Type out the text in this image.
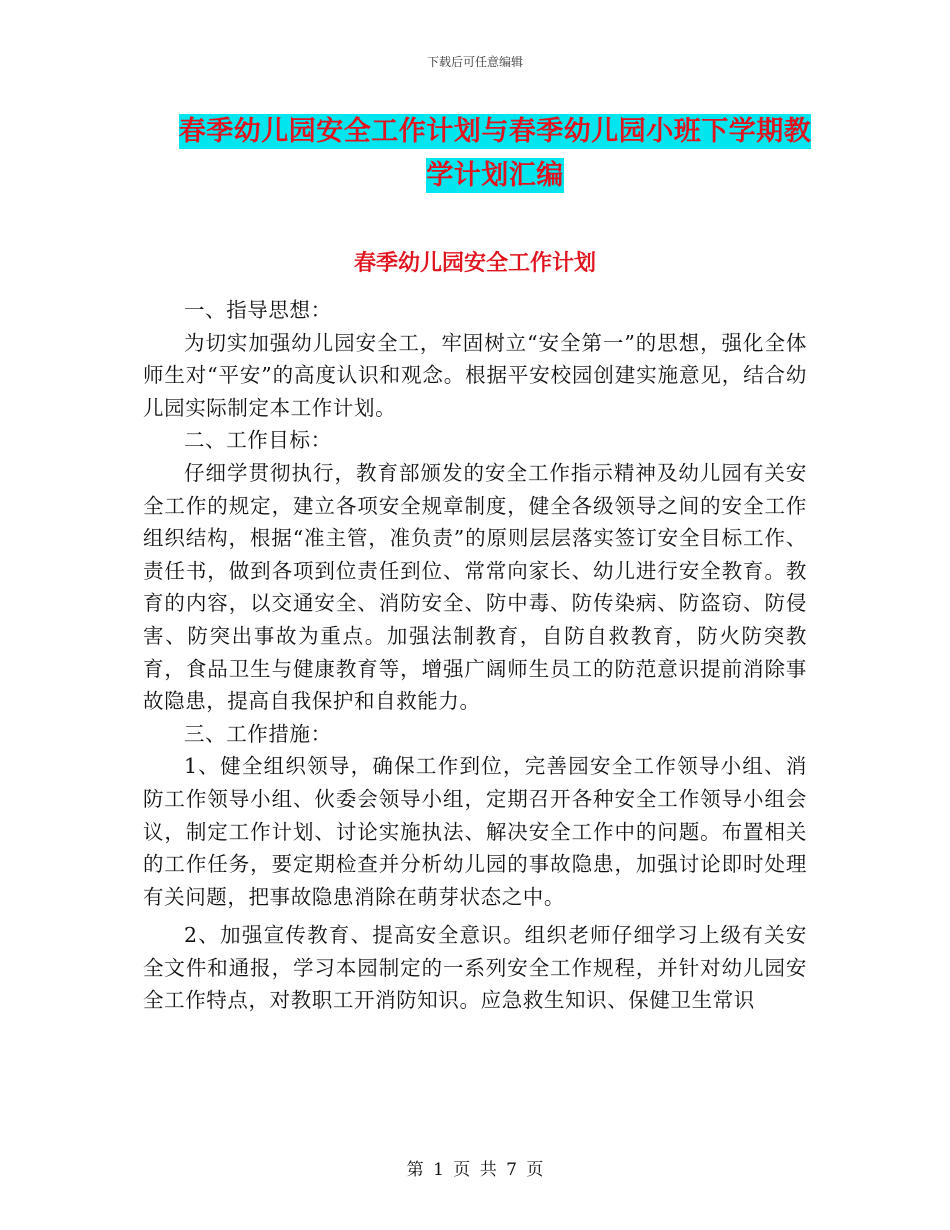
下载后可任意编辑
春季幼儿园安全工作计划与春季幼儿园小班下学期教
学计划汇编
春季幼儿园安全工作计划

一、指导思想：

为切实加强幼儿园安全工，牢固树立“安全第一”的思想，强化全体师生对“平安”的高度认识和观念。根据平安校园创建实施意见，结合幼儿园实际制定本工作计划。

二、工作目标：

仔细学贯彻执行，教育部颁发的安全工作指示精神及幼儿园有关安全工作的规定，建立各项安全规章制度，健全各级领导之间的安全工作组织结构，根据“准主管，准负责”的原则层层落实签订安全目标工作、责任书，做到各项到位责任到位、常常向家长、幼儿进行安全教育。教育的内容，以交通安全、消防安全、防中毒、防传染病、防盗窃、防侵害、防突出事故为重点。加强法制教育，自防自救教育，防火防突教育，食品卫生与健康教育等，增强广阔师生员工的防范意识提前消除事故隐患，提高自我保护和自救能力。

三、工作措施：

1、健全组织领导，确保工作到位，完善园安全工作领导小组、消防工作领导小组、伙委会领导小组，定期召开各种安全工作领导小组会议，制定工作计划、讨论实施执法、解决安全工作中的问题。布置相关的工作任务，要定期检查并分析幼儿园的事故隐患，加强讨论即时处理有关问题，把事故隐患消除在萌芽状态之中。

2、加强宣传教育、提高安全意识。组织老师仔细学习上级有关安全文件和通报，学习本园制定的一系列安全工作规程，并针对幼儿园安全工作特点，对教职工开消防知识。应急救生知识、保健卫生常识

第 1 页 共 7 页
